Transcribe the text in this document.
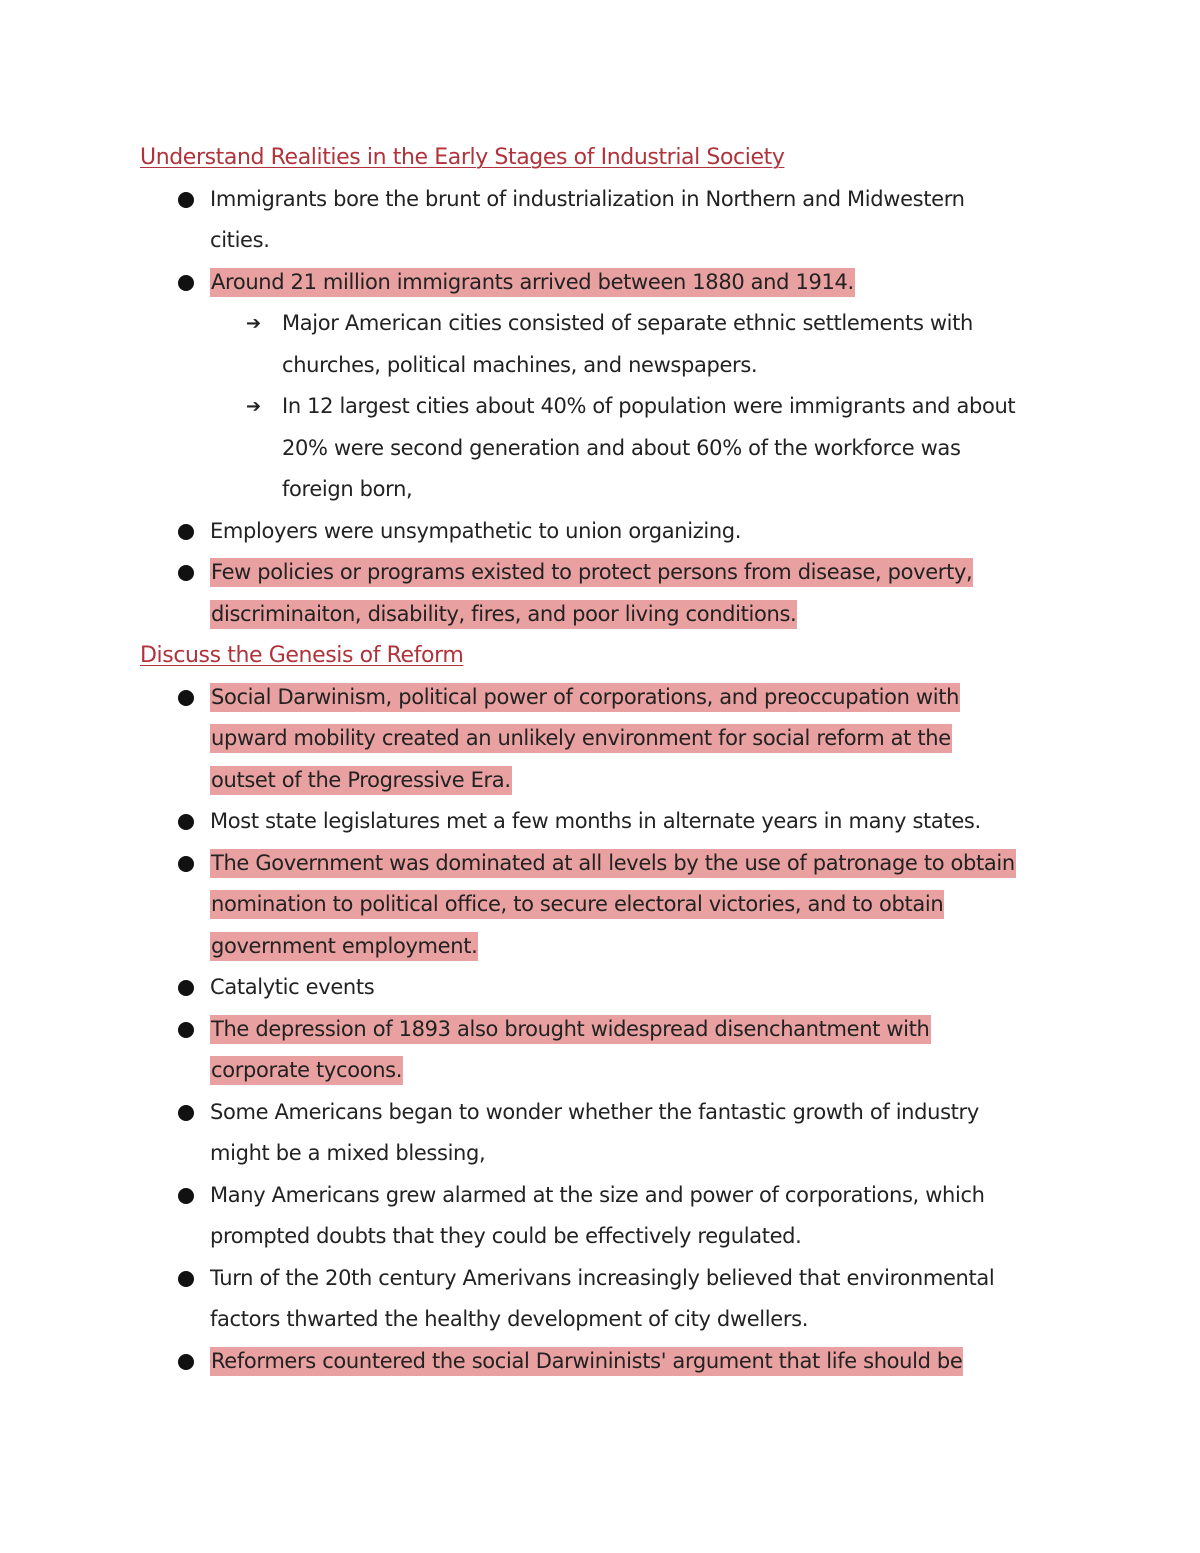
Understand Realities in the Early Stages of Industrial Society
Immigrants bore the brunt of industrialization in Northern and Midwestern
cities.
Around 21 million immigrants arrived between 1880 and 1914.
➔ Major American cities consisted of separate ethnic settlements with
churches, political machines, and newspapers.
➔ In 12 largest cities about 40% of population were immigrants and about
20% were second generation and about 60% of the workforce was
foreign born,
Employers were unsympathetic to union organizing.
Few policies or programs existed to protect persons from disease, poverty,
discriminaiton, disability, fires, and poor living conditions.
Discuss the Genesis of Reform
Social Darwinism, political power of corporations, and preoccupation with
upward mobility created an unlikely environment for social reform at the
outset of the Progressive Era.
Most state legislatures met a few months in alternate years in many states.
The Government was dominated at all levels by the use of patronage to obtain
nomination to political office, to secure electoral victories, and to obtain
government employment.
Catalytic events
The depression of 1893 also brought widespread disenchantment with
corporate tycoons.
Some Americans began to wonder whether the fantastic growth of industry
might be a mixed blessing,
Many Americans grew alarmed at the size and power of corporations, which
prompted doubts that they could be effectively regulated.
Turn of the 20th century Amerivans increasingly believed that environmental
factors thwarted the healthy development of city dwellers.
Reformers countered the social Darwininists' argument that life should be
